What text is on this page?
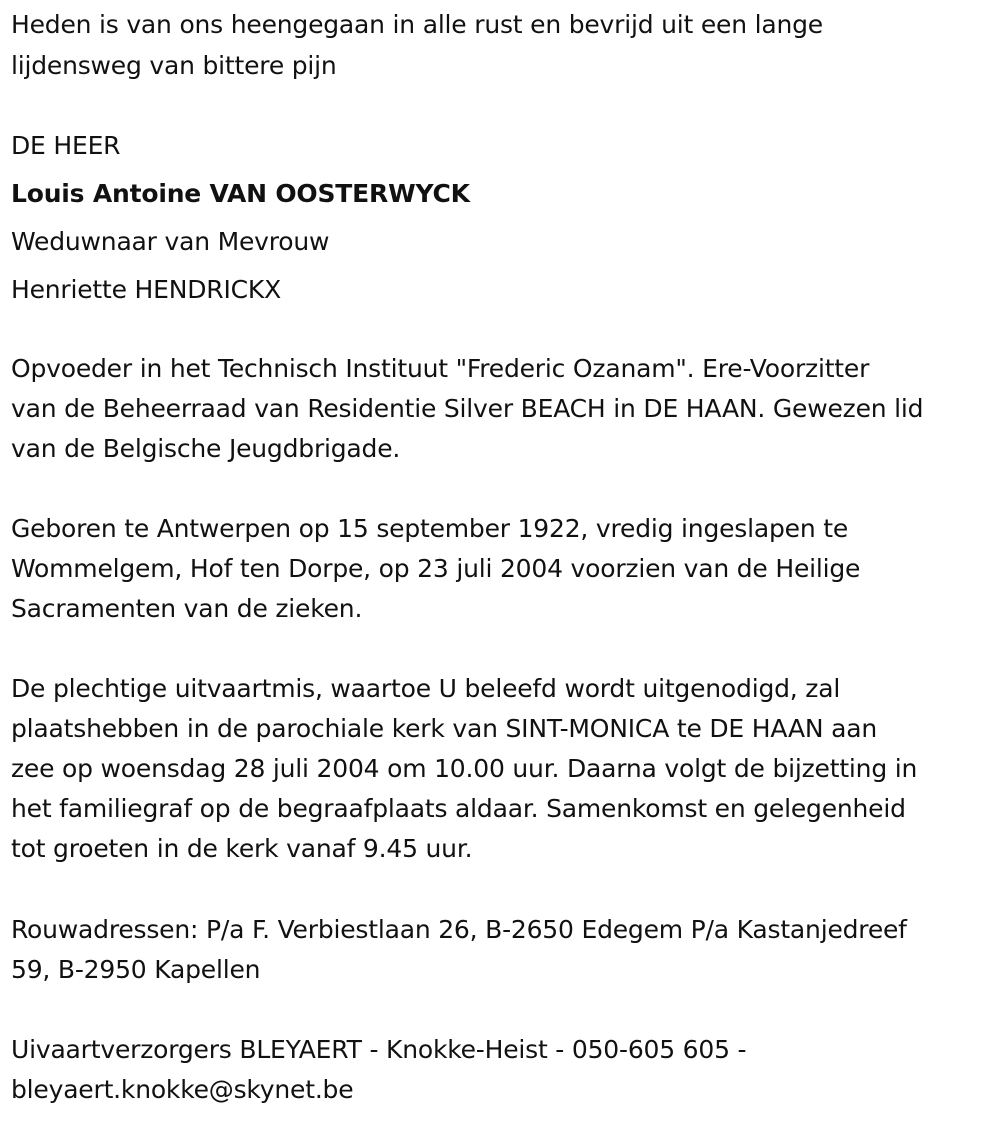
Heden is van ons heengegaan in alle rust en bevrijd uit een lange
lijdensweg van bittere pijn
DE HEER
Louis Antoine VAN OOSTERWYCK
Weduwnaar van Mevrouw
Henriette HENDRICKX
Opvoeder in het Technisch Instituut "Frederic Ozanam". Ere-Voorzitter
van de Beheerraad van Residentie Silver BEACH in DE HAAN. Gewezen lid
van de Belgische Jeugdbrigade.
Geboren te Antwerpen op 15 september 1922, vredig ingeslapen te
Wommelgem, Hof ten Dorpe, op 23 juli 2004 voorzien van de Heilige
Sacramenten van de zieken.
De plechtige uitvaartmis, waartoe U beleefd wordt uitgenodigd, zal
plaatshebben in de parochiale kerk van SINT-MONICA te DE HAAN aan
zee op woensdag 28 juli 2004 om 10.00 uur. Daarna volgt de bijzetting in
het familiegraf op de begraafplaats aldaar. Samenkomst en gelegenheid
tot groeten in de kerk vanaf 9.45 uur.
Rouwadressen: P/a F. Verbiestlaan 26, B-2650 Edegem P/a Kastanjedreef
59, B-2950 Kapellen
Uivaartverzorgers BLEYAERT - Knokke-Heist - 050-605 605 -
bleyaert.knokke@skynet.be
